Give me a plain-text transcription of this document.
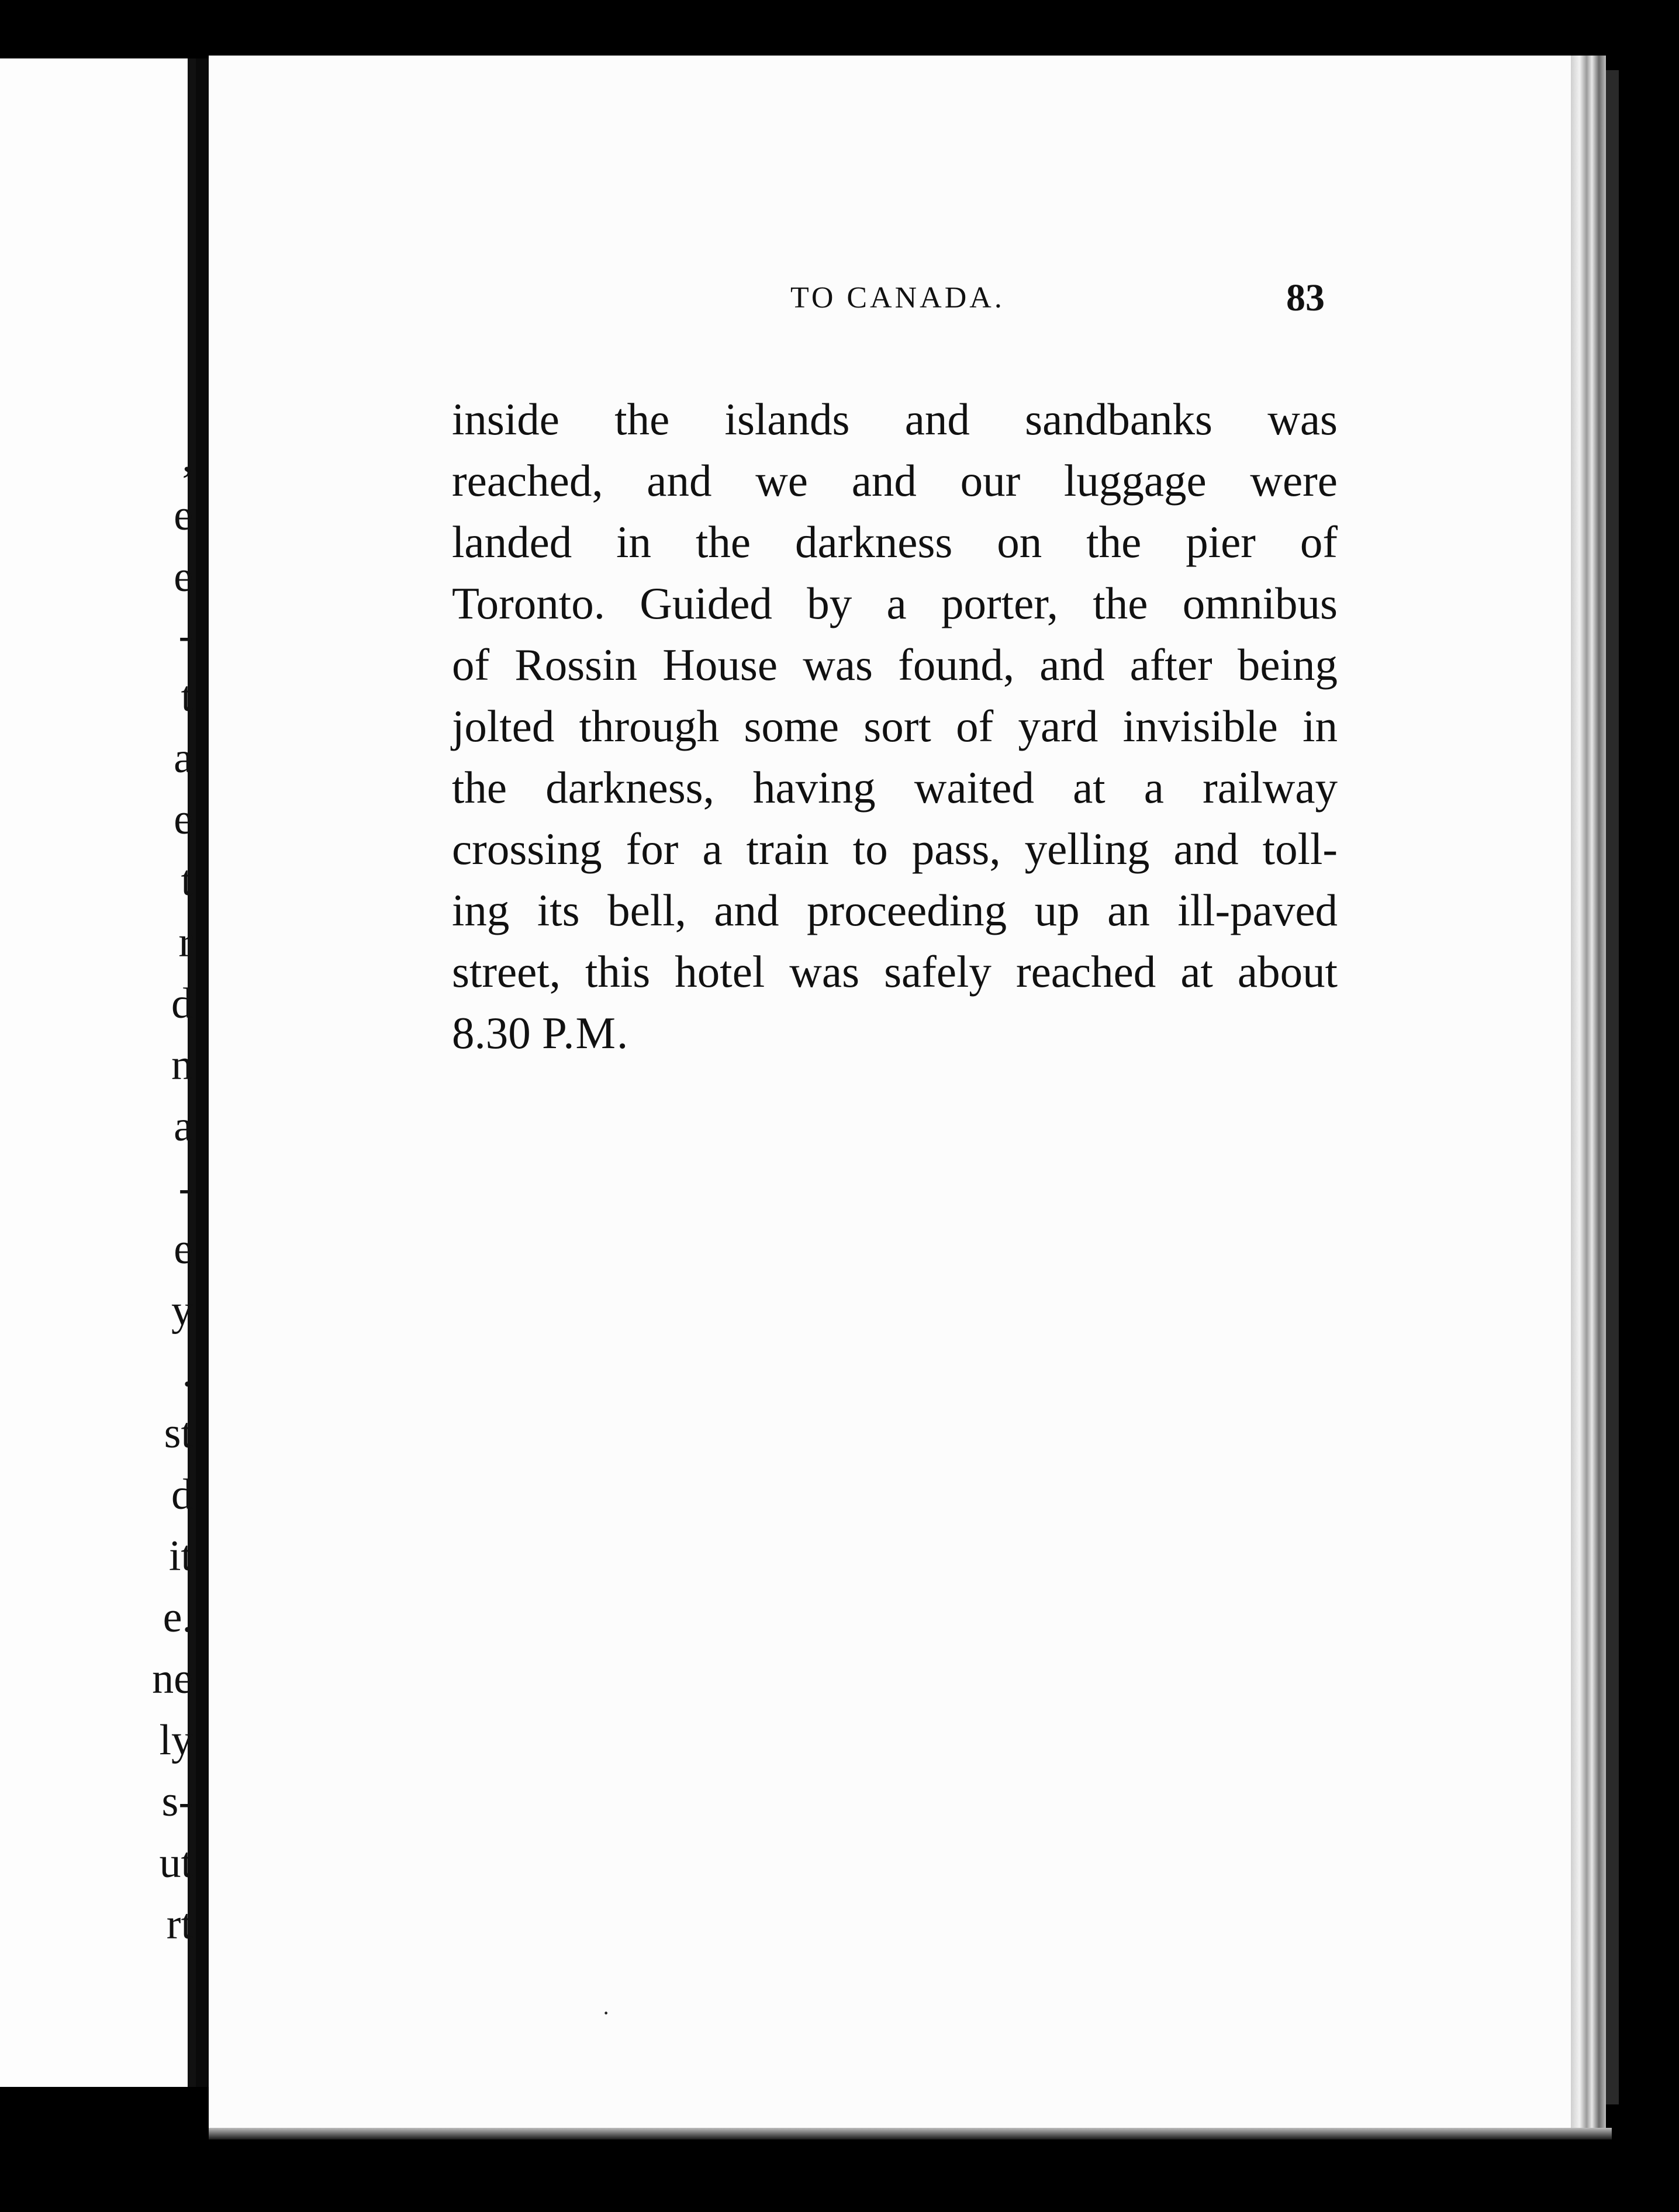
,
e
e
-
t
a
e
t
r
d
n
a
-
e
y
.
st
d
it
e.
ne
ly
s-
ut
rt
TO CANADA.	83
inside the islands and sandbanks was
reached, and we and our luggage were
landed in the darkness on the pier of
Toronto. Guided by a porter, the omnibus
of Rossin House was found, and after being
jolted through some sort of yard invisible in
the darkness, having waited at a railway
crossing for a train to pass, yelling and toll-
ing its bell, and proceeding up an ill-paved
street, this hotel was safely reached at about
8.30 P.M.
·
